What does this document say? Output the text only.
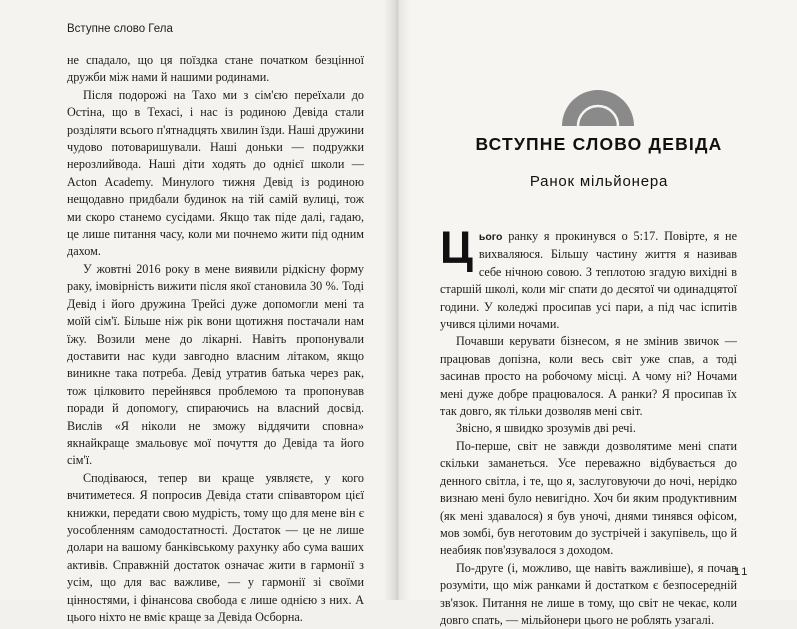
Вступне слово Гела

не спадало, що ця поїздка стане початком безцінної дружби між нами й нашими родинами.

Після подорожі на Тахо ми з сім'єю переїхали до Остіна, що в Техасі, і нас із родиною Девіда стали розділяти всього п'ятнадцять хвилин їзди. Наші дружини чудово потоваришували. Наші доньки — подружки нерозлийвода. Наші діти ходять до однієї школи — Acton Academy. Минулого тижня Девід із родиною нещодавно придбали будинок на тій самій вулиці, тож ми скоро станемо сусідами. Якщо так піде далі, гадаю, це лише питання часу, коли ми почнемо жити під одним дахом.

У жовтні 2016 року в мене виявили рідкісну форму раку, імовірність вижити після якої становила 30 %. Тоді Девід і його дружина Трейсі дуже допомогли мені та моїй сім'ї. Більше ніж рік вони щотижня постачали нам їжу. Возили мене до лікарні. Навіть пропонували доставити нас куди завгодно власним літаком, якщо виникне така потреба. Девід утратив батька через рак, тож цілковито перейнявся проблемою та пропонував поради й допомогу, спираючись на власний досвід. Вислів «Я нікoли не зможу віддячити сповна» якнайкраще змальовує мої почуття до Девіда та його сім'ї.

Сподіваюся, тепер ви краще уявляєте, у кого вчитиметеся. Я попросив Девіда стати співавтором цієї книжки, передати свою мудрість, тому що для мене він є уособленням самодостатності. Достаток — це не лише долари на вашому банківському рахунку або сума ваших активів. Справжній достаток означає жити в гармонії з усім, що для вас важливе, — у гармонії зі своїми цінностями, і фінансова свобода є лише однією з них. А цього ніхто не вміє краще за Девіда Осборна.

ВСТУПНЕ СЛОВО ДЕВІДА
Ранок мільйонера

Цього ранку я прокинувся о 5:17. Повірте, я не вихваляюся. Більшу частину життя я називав себе нічною совою. З теплотою згадую вихідні в старшій школі, коли міг спати до десятої чи одинадцятої години. У коледжі просипав усі пари, а під час іспитів учився цілими ночами.

Почавши керувати бізнесом, я не змінив звичок — працював допізна, коли весь світ уже спав, а тоді засинав просто на робочому місці. А чому ні? Ночами мені дуже добре працювалося. А ранки? Я просипав їх так довго, як тільки дозволяв мені світ.

Звісно, я швидко зрозумів дві речі.

По-перше, світ не завжди дозволятиме мені спати скільки заманеться. Усе переважно відбувається до денного світла, і те, що я, заслуговуючи до ночі, нерідко визнаю мені було невигідно. Хоч би яким продуктивним (як мені здавалося) я був уночі, днями тинявся офісом, мов зомбі, був неготовим до зустрічей і закупівель, що й неабияк пов'язувалося з доходом.

По-друге (і, можливо, ще навіть важливіше), я почав розуміти, що між ранками й достатком є безпосередній зв'язок. Питання не лише в тому, що світ не чекає, коли довго спать, — мільйонери цього не роблять узагалі.

11
